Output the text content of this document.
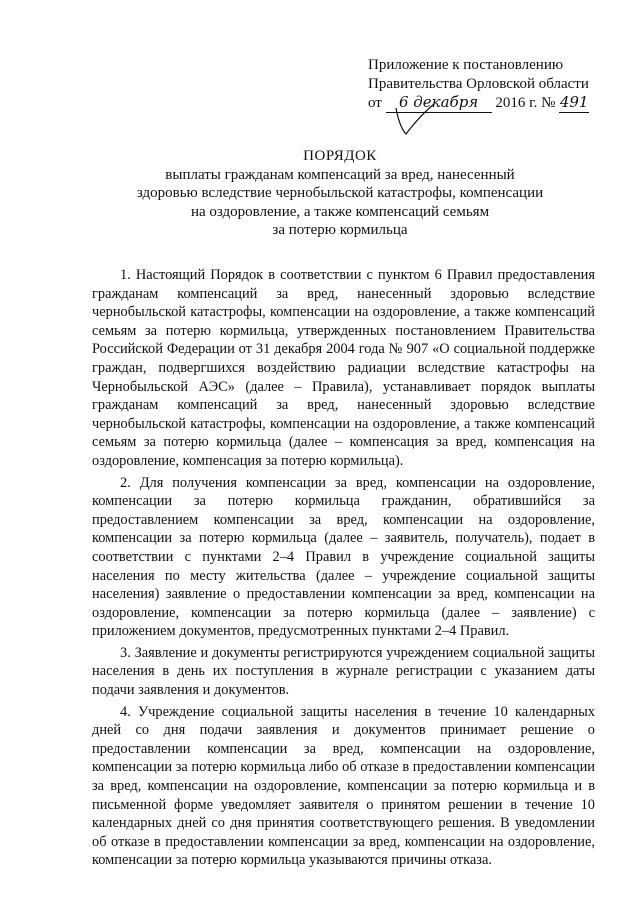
Приложение к постановлению
Правительства Орловской области
от 6 декабря 2016 г. № 491
ПОРЯДОК
выплаты гражданам компенсаций за вред, нанесенный
здоровью вследствие чернобыльской катастрофы, компенсации
на оздоровление, а также компенсаций семьям
за потерю кормильца

1. Настоящий Порядок в соответствии с пунктом 6 Правил предоставления гражданам компенсаций за вред, нанесенный здоровью вследствие чернобыльской катастрофы, компенсации на оздоровление, а также компенсаций семьям за потерю кормильца, утвержденных постановлением Правительства Российской Федерации от 31 декабря 2004 года № 907 «О социальной поддержке граждан, подвергшихся воздействию радиации вследствие катастрофы на Чернобыльской АЭС» (далее – Правила), устанавливает порядок выплаты гражданам компенсаций за вред, нанесенный здоровью вследствие чернобыльской катастрофы, компенсации на оздоровление, а также компенсаций семьям за потерю кормильца (далее – компенсация за вред, компенсация на оздоровление, компенсация за потерю кормильца).

2. Для получения компенсации за вред, компенсации на оздоровление, компенсации за потерю кормильца гражданин, обратившийся за предоставлением компенсации за вред, компенсации на оздоровление, компенсации за потерю кормильца (далее – заявитель, получатель), подает в соответствии с пунктами 2–4 Правил в учреждение социальной защиты населения по месту жительства (далее – учреждение социальной защиты населения) заявление о предоставлении компенсации за вред, компенсации на оздоровление, компенсации за потерю кормильца (далее – заявление) с приложением документов, предусмотренных пунктами 2–4 Правил.

3. Заявление и документы регистрируются учреждением социальной защиты населения в день их поступления в журнале регистрации с указанием даты подачи заявления и документов.

4. Учреждение социальной защиты населения в течение 10 календарных дней со дня подачи заявления и документов принимает решение о предоставлении компенсации за вред, компенсации на оздоровление, компенсации за потерю кормильца либо об отказе в предоставлении компенсации за вред, компенсации на оздоровление, компенсации за потерю кормильца и в письменной форме уведомляет заявителя о принятом решении в течение 10 календарных дней со дня принятия соответствующего решения. В уведомлении об отказе в предоставлении компенсации за вред, компенсации на оздоровление, компенсации за потерю кормильца указываются причины отказа.
